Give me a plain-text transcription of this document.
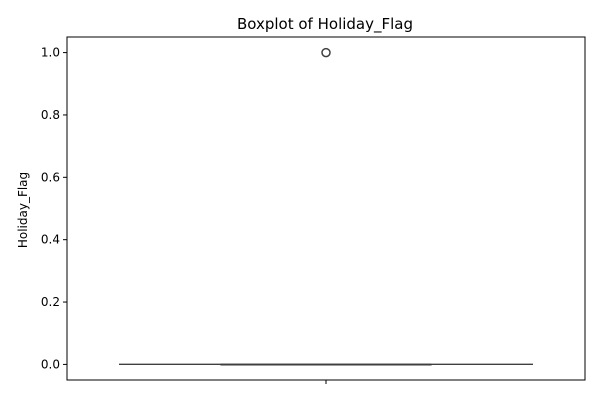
Boxplot of Holiday_Flag
0.0
0.2
0.4
0.6
0.8
1.0
Holiday_Flag
